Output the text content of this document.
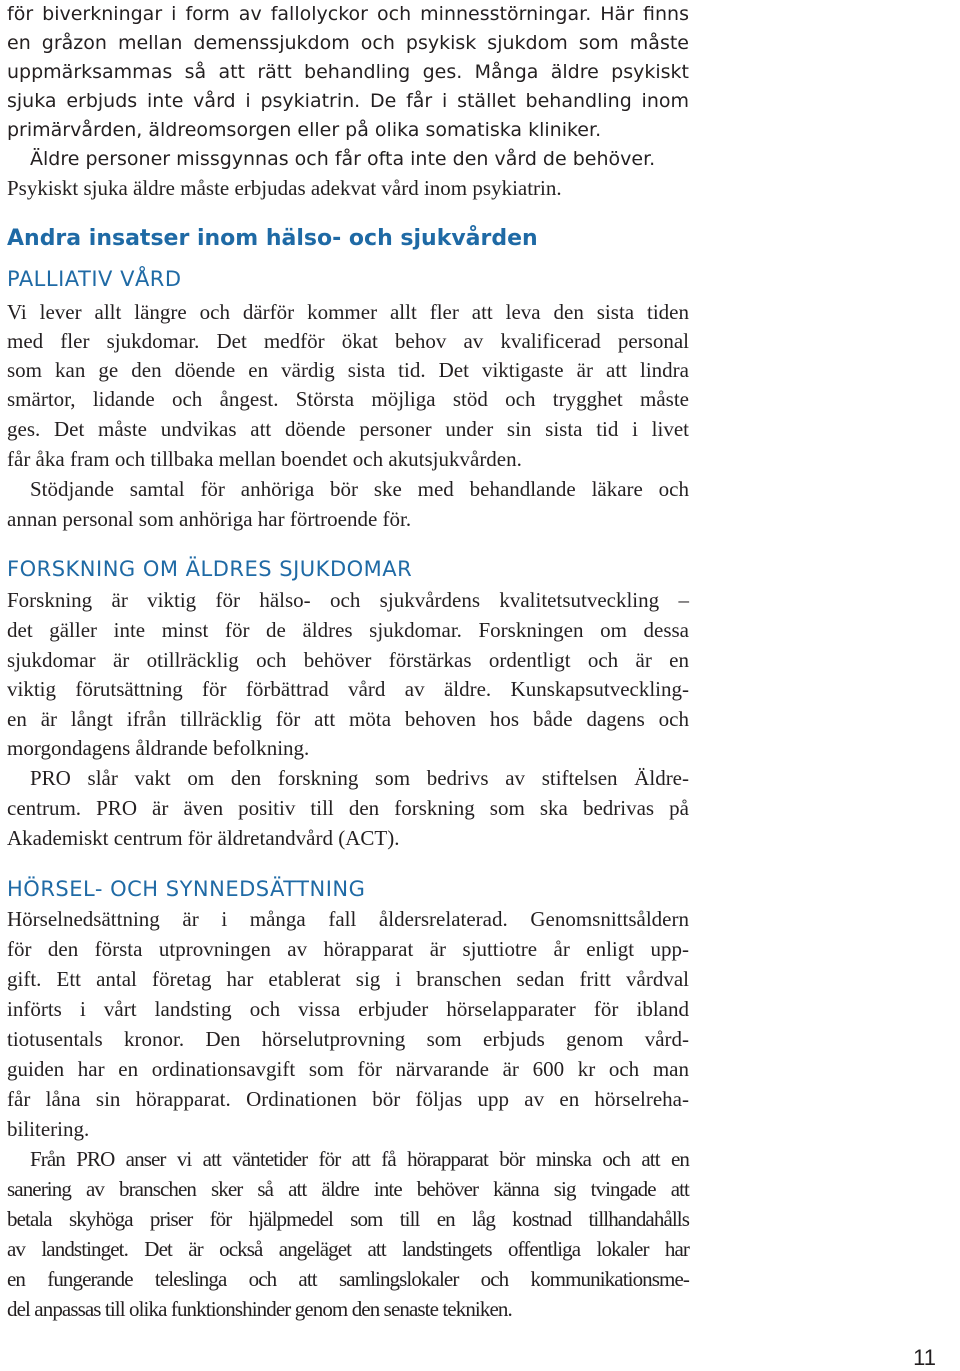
för biverkningar i form av fallolyckor och minnesstörningar. Här finns
en gråzon mellan demenssjukdom och psykisk sjukdom som måste
uppmärksammas så att rätt behandling ges. Många äldre psykiskt
sjuka erbjuds inte vård i psykiatrin. De får i stället behandling inom
primärvården, äldreomsorgen eller på olika somatiska kliniker.
Äldre personer missgynnas och får ofta inte den vård de behöver.
Psykiskt sjuka äldre måste erbjudas adekvat vård inom psykiatrin.
Andra insatser inom hälso- och sjukvården
PALLIATIV VÅRD
Vi lever allt längre och därför kommer allt fler att leva den sista tiden
med fler sjukdomar. Det medför ökat behov av kvalificerad personal
som kan ge den döende en värdig sista tid. Det viktigaste är att lindra
smärtor, lidande och ångest. Största möjliga stöd och trygghet måste
ges. Det måste undvikas att döende personer under sin sista tid i livet
får åka fram och tillbaka mellan boendet och akutsjukvården.
Stödjande samtal för anhöriga bör ske med behandlande läkare och
annan personal som anhöriga har förtroende för.
FORSKNING OM ÄLDRES SJUKDOMAR
Forskning är viktig för hälso- och sjukvårdens kvalitetsutveckling –
det gäller inte minst för de äldres sjukdomar. Forskningen om dessa
sjukdomar är otillräcklig och behöver förstärkas ordentligt och är en
viktig förutsättning för förbättrad vård av äldre. Kunskapsutveckling-
en är långt ifrån tillräcklig för att möta behoven hos både dagens och
morgondagens åldrande befolkning.
PRO slår vakt om den forskning som bedrivs av stiftelsen Äldre-
centrum. PRO är även positiv till den forskning som ska bedrivas på
Akademiskt centrum för äldretandvård (ACT).
HÖRSEL- OCH SYNNEDSÄTTNING
Hörselnedsättning är i många fall åldersrelaterad. Genomsnittsåldern
för den första utprovningen av hörapparat är sjuttiotre år enligt upp-
gift. Ett antal företag har etablerat sig i branschen sedan fritt vårdval
införts i vårt landsting och vissa erbjuder hörselapparater för ibland
tiotusentals kronor. Den hörselutprovning som erbjuds genom vård-
guiden har en ordinationsavgift som för närvarande är 600 kr och man
får låna sin hörapparat. Ordinationen bör följas upp av en hörselreha-
bilitering.
Från PRO anser vi att väntetider för att få hörapparat bör minska och att en
sanering av branschen sker så att äldre inte behöver känna sig tvingade att
betala skyhöga priser för hjälpmedel som till en låg kostnad tillhandahålls
av landstinget. Det är också angeläget att landstingets offentliga lokaler har
en fungerande teleslinga och att samlingslokaler och kommunikationsme-
del anpassas till olika funktionshinder genom den senaste tekniken.
11
